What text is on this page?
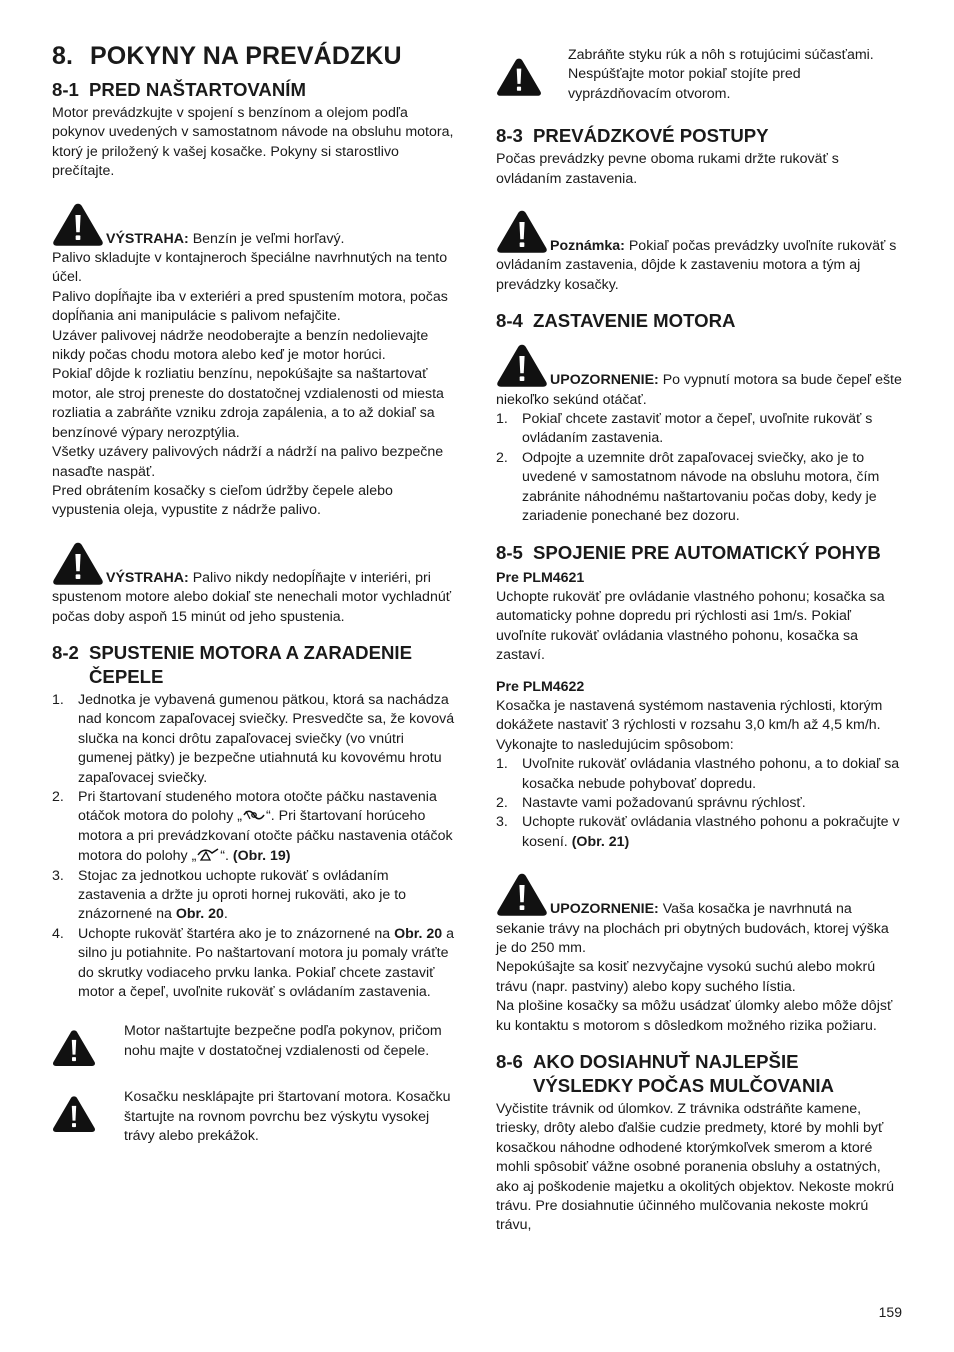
8. POKYNY NA PREVÁDZKU
8-1 PRED NAŠTARTOVANÍM

Motor prevádzkujte v spojení s benzínom a olejom podľa pokynov uvedených v samostatnom návode na obsluhu motora, ktorý je priložený k vašej kosačke. Pokyny si starostlivo prečítajte.

VÝSTRAHA: Benzín je veľmi horľavý.

Palivo skladujte v kontajneroch špeciálne navrhnutých na tento účel.

Palivo dopĺňajte iba v exteriéri a pred spustením motora, počas dopĺňania ani manipulácie s palivom nefajčite.

Uzáver palivovej nádrže neodoberajte a benzín nedolievajte nikdy počas chodu motora alebo keď je motor horúci.

Pokiaľ dôjde k rozliatiu benzínu, nepokúšajte sa naštartovať motor, ale stroj preneste do dostatočnej vzdialenosti od miesta rozliatia a zabráňte vzniku zdroja zapálenia, a to až dokiaľ sa benzínové výpary nerozptýlia.

Všetky uzávery palivových nádrží a nádrží na palivo bezpečne nasaďte naspäť.

Pred obrátením kosačky s cieľom údržby čepele alebo vypustenia oleja, vypustite z nádrže palivo.

VÝSTRAHA: Palivo nikdy nedopĺňajte v interiéri, pri spustenom motore alebo dokiaľ ste nenechali motor vychladnúť počas doby aspoň 15 minút od jeho spustenia.

8-2 SPUSTENIE MOTORA A ZARADENIE ČEPELE
1. Jednotka je vybavená gumenou pätkou, ktorá sa nachádza nad koncom zapaľovacej sviečky. Presvedčte sa, že kovová slučka na konci drôtu zapaľovacej sviečky (vo vnútri gumenej pätky) je bezpečne utiahnutá ku kovovému hrotu zapaľovacej sviečky.
2. Pri štartovaní studeného motora otočte páčku nastavenia otáčok motora do polohy „ “. Pri štartovaní horúceho motora a pri prevádzkovaní otočte páčku nastavenia otáčok motora do polohy „ “. (Obr. 19)
3. Stojac za jednotkou uchopte rukoväť s ovládaním zastavenia a držte ju oproti hornej rukoväti, ako je to znázornené na Obr. 20.
4. Uchopte rukoväť štartéra ako je to znázornené na Obr. 20 a silno ju potiahnite. Po naštartovaní motora ju pomaly vráťte do skrutky vodiaceho prvku lanka. Pokiaľ chcete zastaviť motor a čepeľ, uvoľnite rukoväť s ovládaním zastavenia.

Motor naštartujte bezpečne podľa pokynov, pričom nohu majte v dostatočnej vzdialenosti od čepele.

Kosačku nesklápajte pri štartovaní motora. Kosačku štartujte na rovnom povrchu bez výskytu vysokej trávy alebo prekážok.

Zabráňte styku rúk a nôh s rotujúcimi súčasťami. Nespúšťajte motor pokiaľ stojíte pred vyprázdňovacím otvorom.

8-3 PREVÁDZKOVÉ POSTUPY

Počas prevádzky pevne oboma rukami držte rukoväť s ovládaním zastavenia.

Poznámka: Pokiaľ počas prevádzky uvoľníte rukoväť s ovládaním zastavenia, dôjde k zastaveniu motora a tým aj prevádzky kosačky.

8-4 ZASTAVENIE MOTORA

UPOZORNENIE: Po vypnutí motora sa bude čepeľ ešte niekoľko sekúnd otáčať.

1. Pokiaľ chcete zastaviť motor a čepeľ, uvoľnite rukoväť s ovládaním zastavenia.
2. Odpojte a uzemnite drôt zapaľovacej sviečky, ako je to uvedené v samostatnom návode na obsluhu motora, čím zabránite náhodnému naštartovaniu počas doby, kedy je zariadenie ponechané bez dozoru.
8-5 SPOJENIE PRE AUTOMATICKÝ POHYB

Pre PLM4621

Uchopte rukoväť pre ovládanie vlastného pohonu; kosačka sa automaticky pohne dopredu pri rýchlosti asi 1m/s. Pokiaľ uvoľníte rukoväť ovládania vlastného pohonu, kosačka sa zastaví.

Pre PLM4622

Kosačka je nastavená systémom nastavenia rýchlosti, ktorým dokážete nastaviť 3 rýchlosti v rozsahu 3,0 km/h až 4,5 km/h.

Vykonajte to nasledujúcim spôsobom:

1. Uvoľnite rukoväť ovládania vlastného pohonu, a to dokiaľ sa kosačka nebude pohybovať dopredu.
2. Nastavte vami požadovanú správnu rýchlosť.
3. Uchopte rukoväť ovládania vlastného pohonu a pokračujte v kosení. (Obr. 21)

UPOZORNENIE: Vaša kosačka je navrhnutá na sekanie trávy na plochách pri obytných budovách, ktorej výška je do 250 mm.

Nepokúšajte sa kosiť nezvyčajne vysokú suchú alebo mokrú trávu (napr. pastviny) alebo kopy suchého lístia.

Na plošine kosačky sa môžu usádzať úlomky alebo môže dôjsť ku kontaktu s motorom s dôsledkom možného rizika požiaru.

8-6 AKO DOSIAHNUŤ NAJLEPŠIE VÝSLEDKY POČAS MULČOVANIA

Vyčistite trávnik od úlomkov. Z trávnika odstráňte kamene, triesky, drôty alebo ďalšie cudzie predmety, ktoré by mohli byť kosačkou náhodne odhodené ktorýmkoľvek smerom a ktoré mohli spôsobiť vážne osobné poranenia obsluhy a ostatných, ako aj poškodenie majetku a okolitých objektov. Nekoste mokrú trávu. Pre dosiahnutie účinného mulčovania nekoste mokrú trávu,

159
